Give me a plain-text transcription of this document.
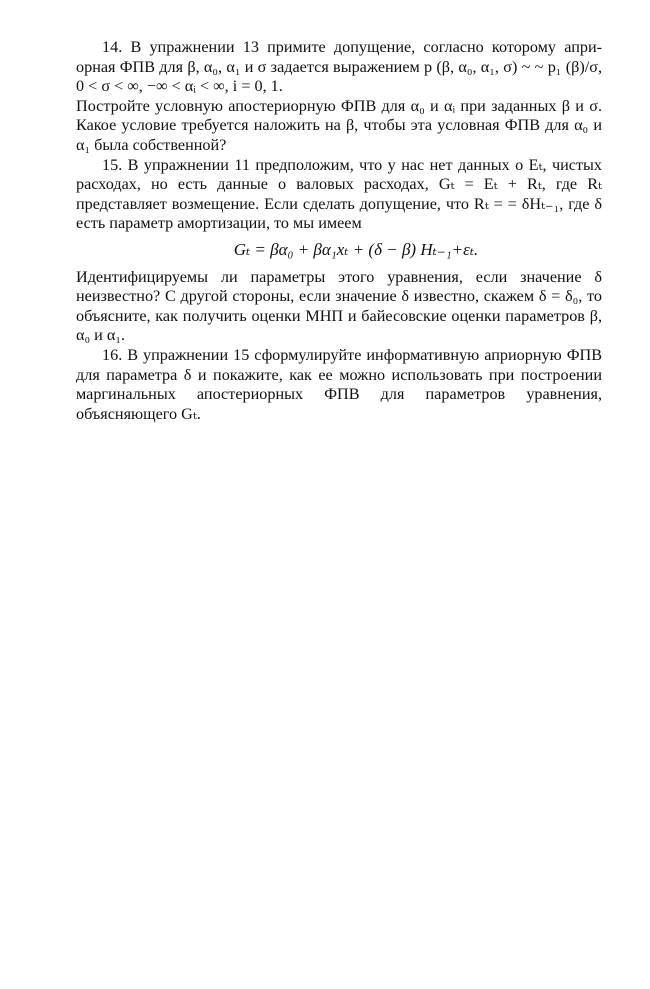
14. В упражнении 13 примите допущение, согласно которому априорная ФПВ для β, α₀, α₁ и σ задается выражением p (β, α₀, α₁, σ) ~ ~ p₁ (β)/σ, 0 < σ < ∞, −∞ < αᵢ < ∞, i = 0, 1.

Постройте условную апостериорную ФПВ для α₀ и αᵢ при заданных β и σ. Какое условие требуется наложить на β, чтобы эта условная ФПВ для α₀ и α₁ была собственной?

15. В упражнении 11 предположим, что у нас нет данных о Eₜ, чистых расходах, но есть данные о валовых расходах, Gₜ = Eₜ + Rₜ, где Rₜ представляет возмещение. Если сделать допущение, что Rₜ = = δHₜ₋₁, где δ есть параметр амортизации, то мы имеем

Gₜ = βα₀ + βα₁xₜ + (δ − β) Hₜ₋₁+εₜ.

Идентифицируемы ли параметры этого уравнения, если значение δ неизвестно? С другой стороны, если значение δ известно, скажем δ = δ₀, то объясните, как получить оценки МНП и байесовские оценки параметров β, α₀ и α₁.

16. В упражнении 15 сформулируйте информативную априорную ФПВ для параметра δ и покажите, как ее можно использовать при построении маргинальных апостериорных ФПВ для параметров уравнения, объясняющего Gₜ.
